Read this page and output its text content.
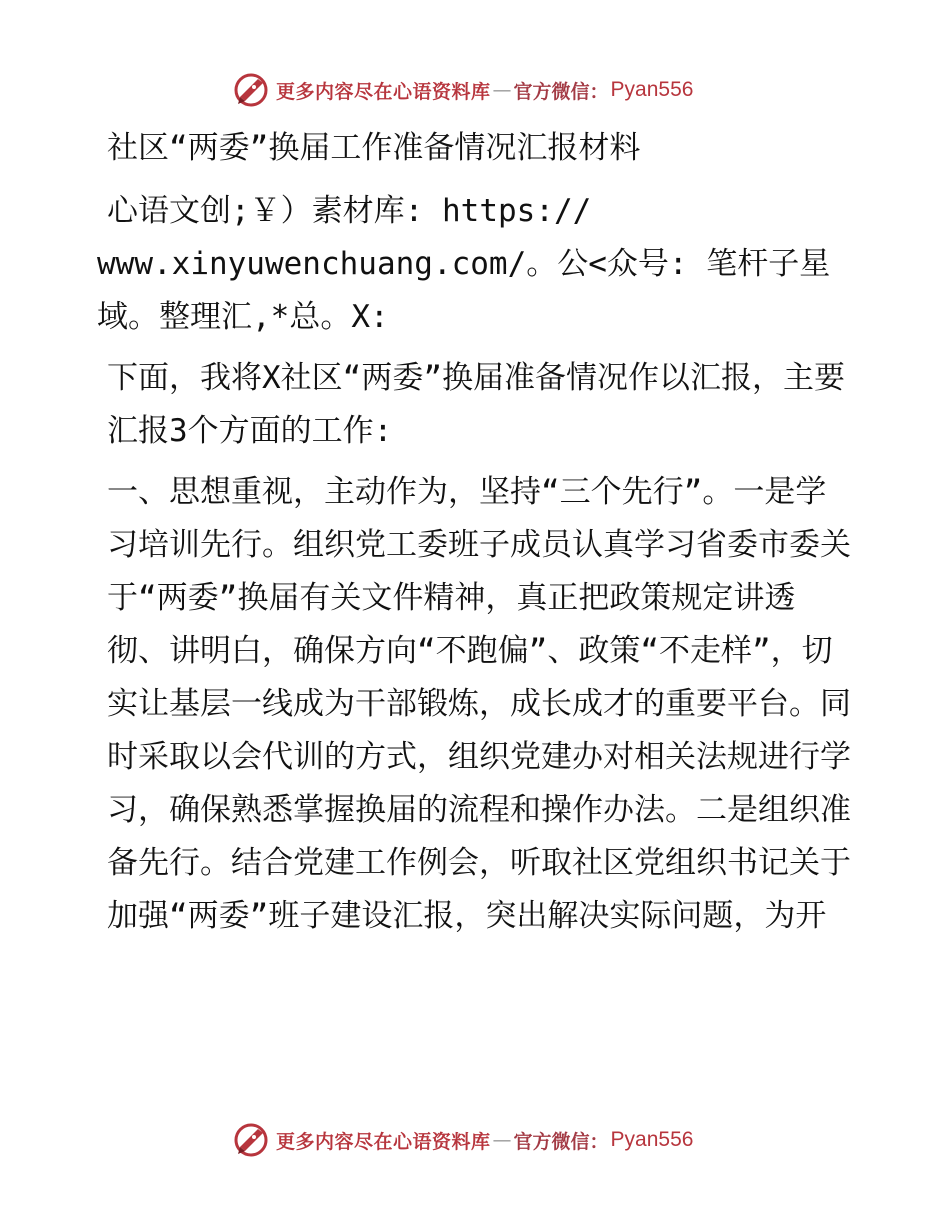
更多内容尽在心语资料库 — 官方微信： Pyan556

社区“两委”换届工作准备情况汇报材料

心语文创;￥）素材库: https://

www.xinyuwenchuang.com/。公<众号: 笔杆子星

域。整理汇,*总。X:

下面，我将X社区“两委”换届准备情况作以汇报，主要汇报3个方面的工作:

一、思想重视，主动作为，坚持“三个先行”。一是学习培训先行。组织党工委班子成员认真学习省委市委关于“两委”换届有关文件精神，真正把政策规定讲透彻、讲明白，确保方向“不跑偏”、政策“不走样”，切实让基层一线成为干部锻炼，成长成才的重要平台。同时采取以会代训的方式，组织党建办对相关法规进行学习，确保熟悉掌握换届的流程和操作办法。二是组织准备先行。结合党建工作例会，听取社区党组织书记关于加强“两委”班子建设汇报，突出解决实际问题，为开

更多内容尽在心语资料库 — 官方微信： Pyan556
